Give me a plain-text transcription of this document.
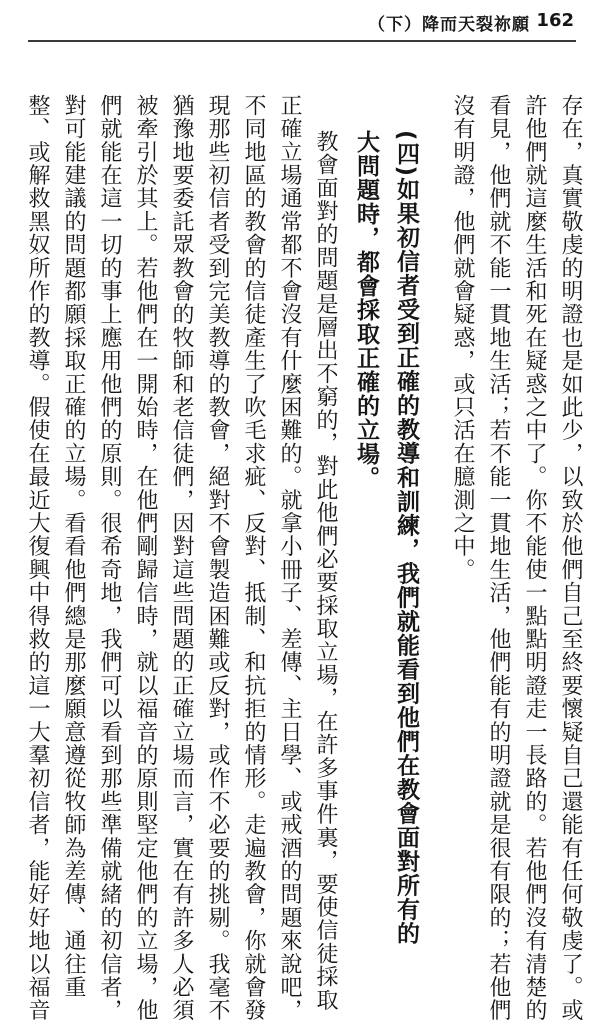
（下）降而天裂祢願 162
存在，真實敬虔的明證也是如此少，以致於他們自己至終要懷疑自己還能有任何敬虔了。或
許他們就這麼生活和死在疑惑之中了。你不能使一點點明證走一長路的。若他們沒有清楚的
看見，他們就不能一貫地生活；若不能一貫地生活，他們能有的明證就是很有限的；若他們
沒有明證，他們就會疑惑，或只活在臆測之中。
(四)如果初信者受到正確的教導和訓練，我們就能看到他們在教會面對所有的
大問題時，都會採取正確的立場。
教會面對的問題是層出不窮的，對此他們必要採取立場，在許多事件裏，要使信徒採取
正確立場通常都不會沒有什麼困難的。就拿小冊子、差傳、主日學、或戒酒的問題來說吧，
不同地區的教會的信徒產生了吹毛求疵、反對、抵制、和抗拒的情形。走遍教會，你就會發
現那些初信者受到完美教導的教會，絕對不會製造困難或反對，或作不必要的挑剔。我毫不
猶豫地要委託眾教會的牧師和老信徒們，因對這些問題的正確立場而言，實在有許多人必須
被牽引於其上。若他們在一開始時，在他們剛歸信時，就以福音的原則堅定他們的立場，他
們就能在這一切的事上應用他們的原則。很希奇地，我們可以看到那些準備就緒的初信者，
對可能建議的問題都願採取正確的立場。看看他們總是那麼願意遵從牧師為差傳、通往重
整、或解救黑奴所作的教導。假使在最近大復興中得救的這一大羣初信者，能好好地以福音
